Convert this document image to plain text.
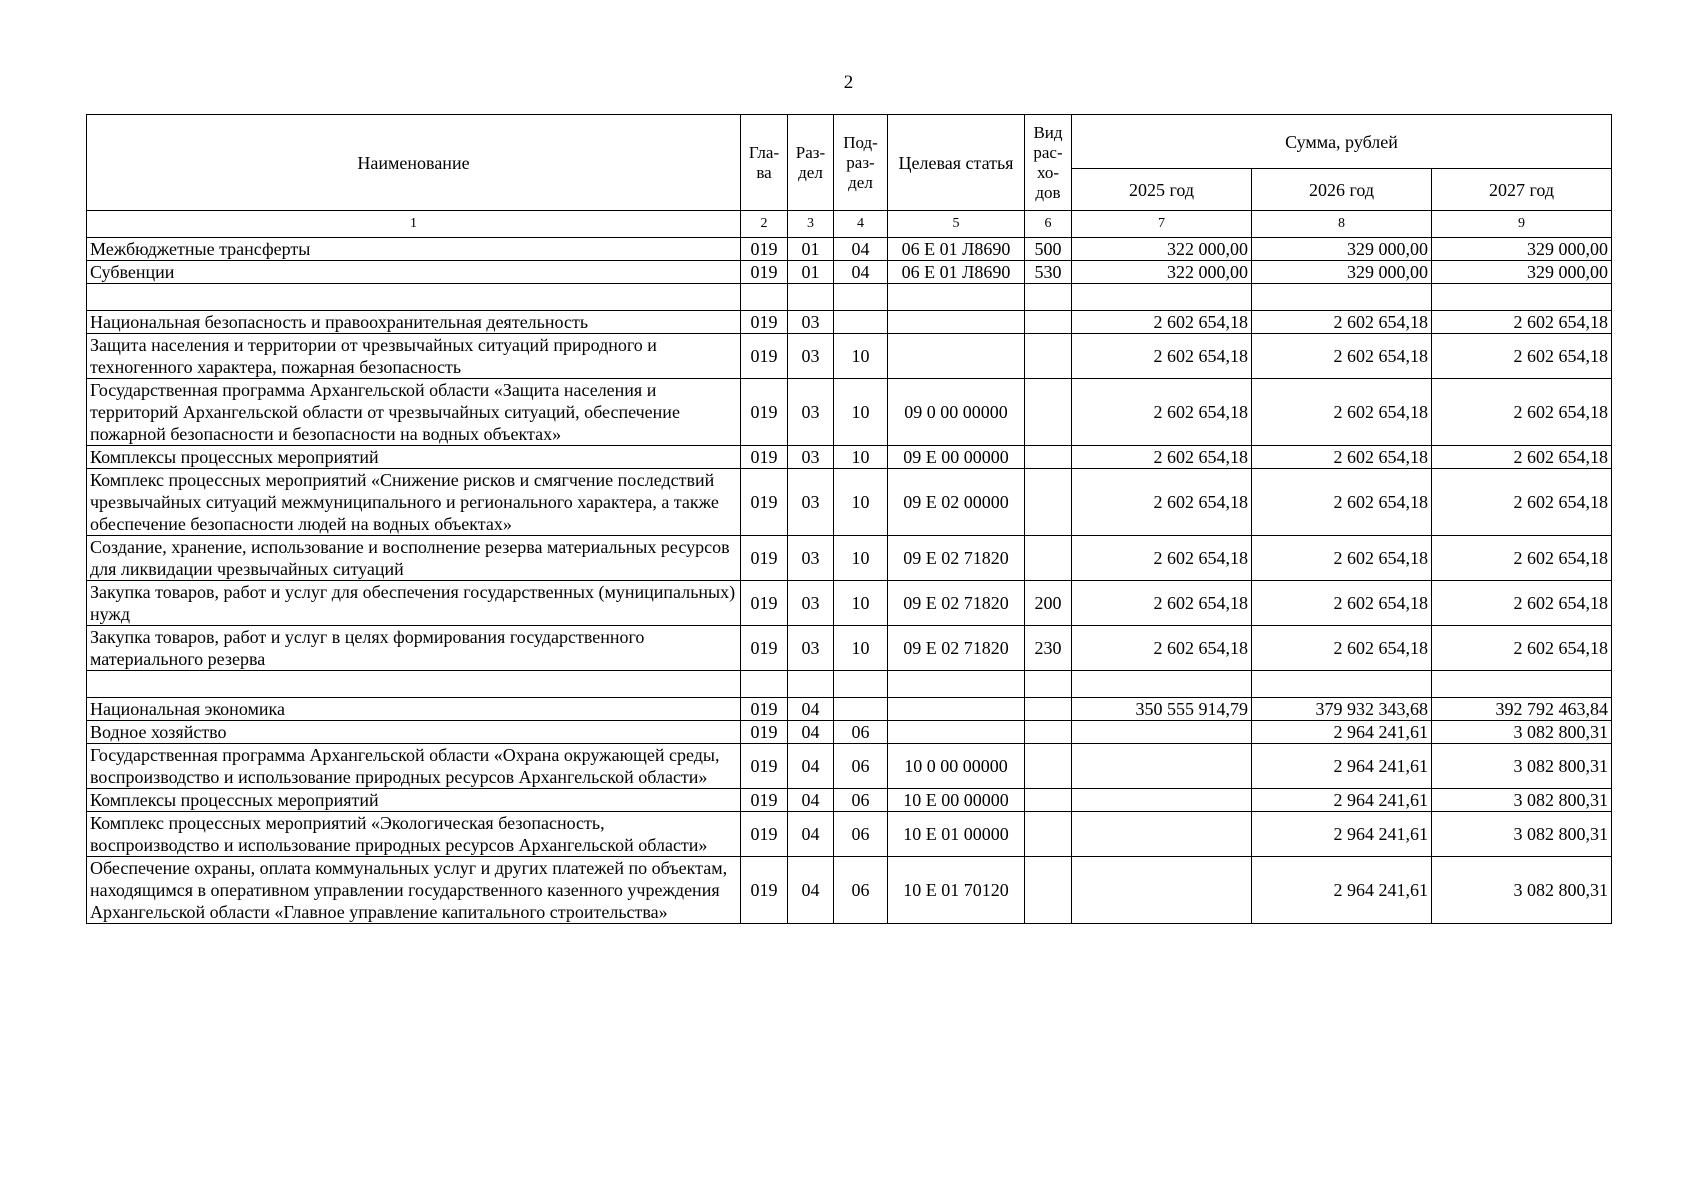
2
Наименование	Гла-ва	Раз-дел	Под-раз-дел	Целевая статья	Вид рас-хо-дов	Сумма, рублей		
						2025 год	2026 год	2027 год
1	2	3	4	5	6	7	8	9
Межбюджетные трансферты	019	01	04	06 Е 01 Л8690	500	322 000,00	329 000,00	329 000,00
Субвенции	019	01	04	06 Е 01 Л8690	530	322 000,00	329 000,00	329 000,00

Национальная безопасность и правоохранительная деятельность	019	03				2 602 654,18	2 602 654,18	2 602 654,18
Защита населения и территории от чрезвычайных ситуаций природного и техногенного характера, пожарная безопасность	019	03	10			2 602 654,18	2 602 654,18	2 602 654,18
Государственная программа Архангельской области «Защита населения и территорий Архангельской области от чрезвычайных ситуаций, обеспечение пожарной безопасности и безопасности на водных объектах»	019	03	10	09 0 00 00000		2 602 654,18	2 602 654,18	2 602 654,18
Комплексы процессных мероприятий	019	03	10	09 Е 00 00000		2 602 654,18	2 602 654,18	2 602 654,18
Комплекс процессных мероприятий «Снижение рисков и смягчение последствий чрезвычайных ситуаций межмуниципального и регионального характера, а также обеспечение безопасности людей на водных объектах»	019	03	10	09 Е 02 00000		2 602 654,18	2 602 654,18	2 602 654,18
Создание, хранение, использование и восполнение резерва материальных ресурсов для ликвидации чрезвычайных ситуаций	019	03	10	09 Е 02 71820		2 602 654,18	2 602 654,18	2 602 654,18
Закупка товаров, работ и услуг для обеспечения государственных (муниципальных) нужд	019	03	10	09 Е 02 71820	200	2 602 654,18	2 602 654,18	2 602 654,18
Закупка товаров, работ и услуг в целях формирования государственного материального резерва	019	03	10	09 Е 02 71820	230	2 602 654,18	2 602 654,18	2 602 654,18

Национальная экономика	019	04				350 555 914,79	379 932 343,68	392 792 463,84
Водное хозяйство	019	04	06				2 964 241,61	3 082 800,31
Государственная программа Архангельской области «Охрана окружающей среды, воспроизводство и использование природных ресурсов Архангельской области»	019	04	06	10 0 00 00000			2 964 241,61	3 082 800,31
Комплексы процессных мероприятий	019	04	06	10 Е 00 00000			2 964 241,61	3 082 800,31
Комплекс процессных мероприятий «Экологическая безопасность, воспроизводство и использование природных ресурсов Архангельской области»	019	04	06	10 Е 01 00000			2 964 241,61	3 082 800,31
Обеспечение охраны, оплата коммунальных услуг и других платежей по объектам, находящимся в оперативном управлении государственного казенного учреждения Архангельской области «Главное управление капитального строительства»	019	04	06	10 Е 01 70120			2 964 241,61	3 082 800,31
